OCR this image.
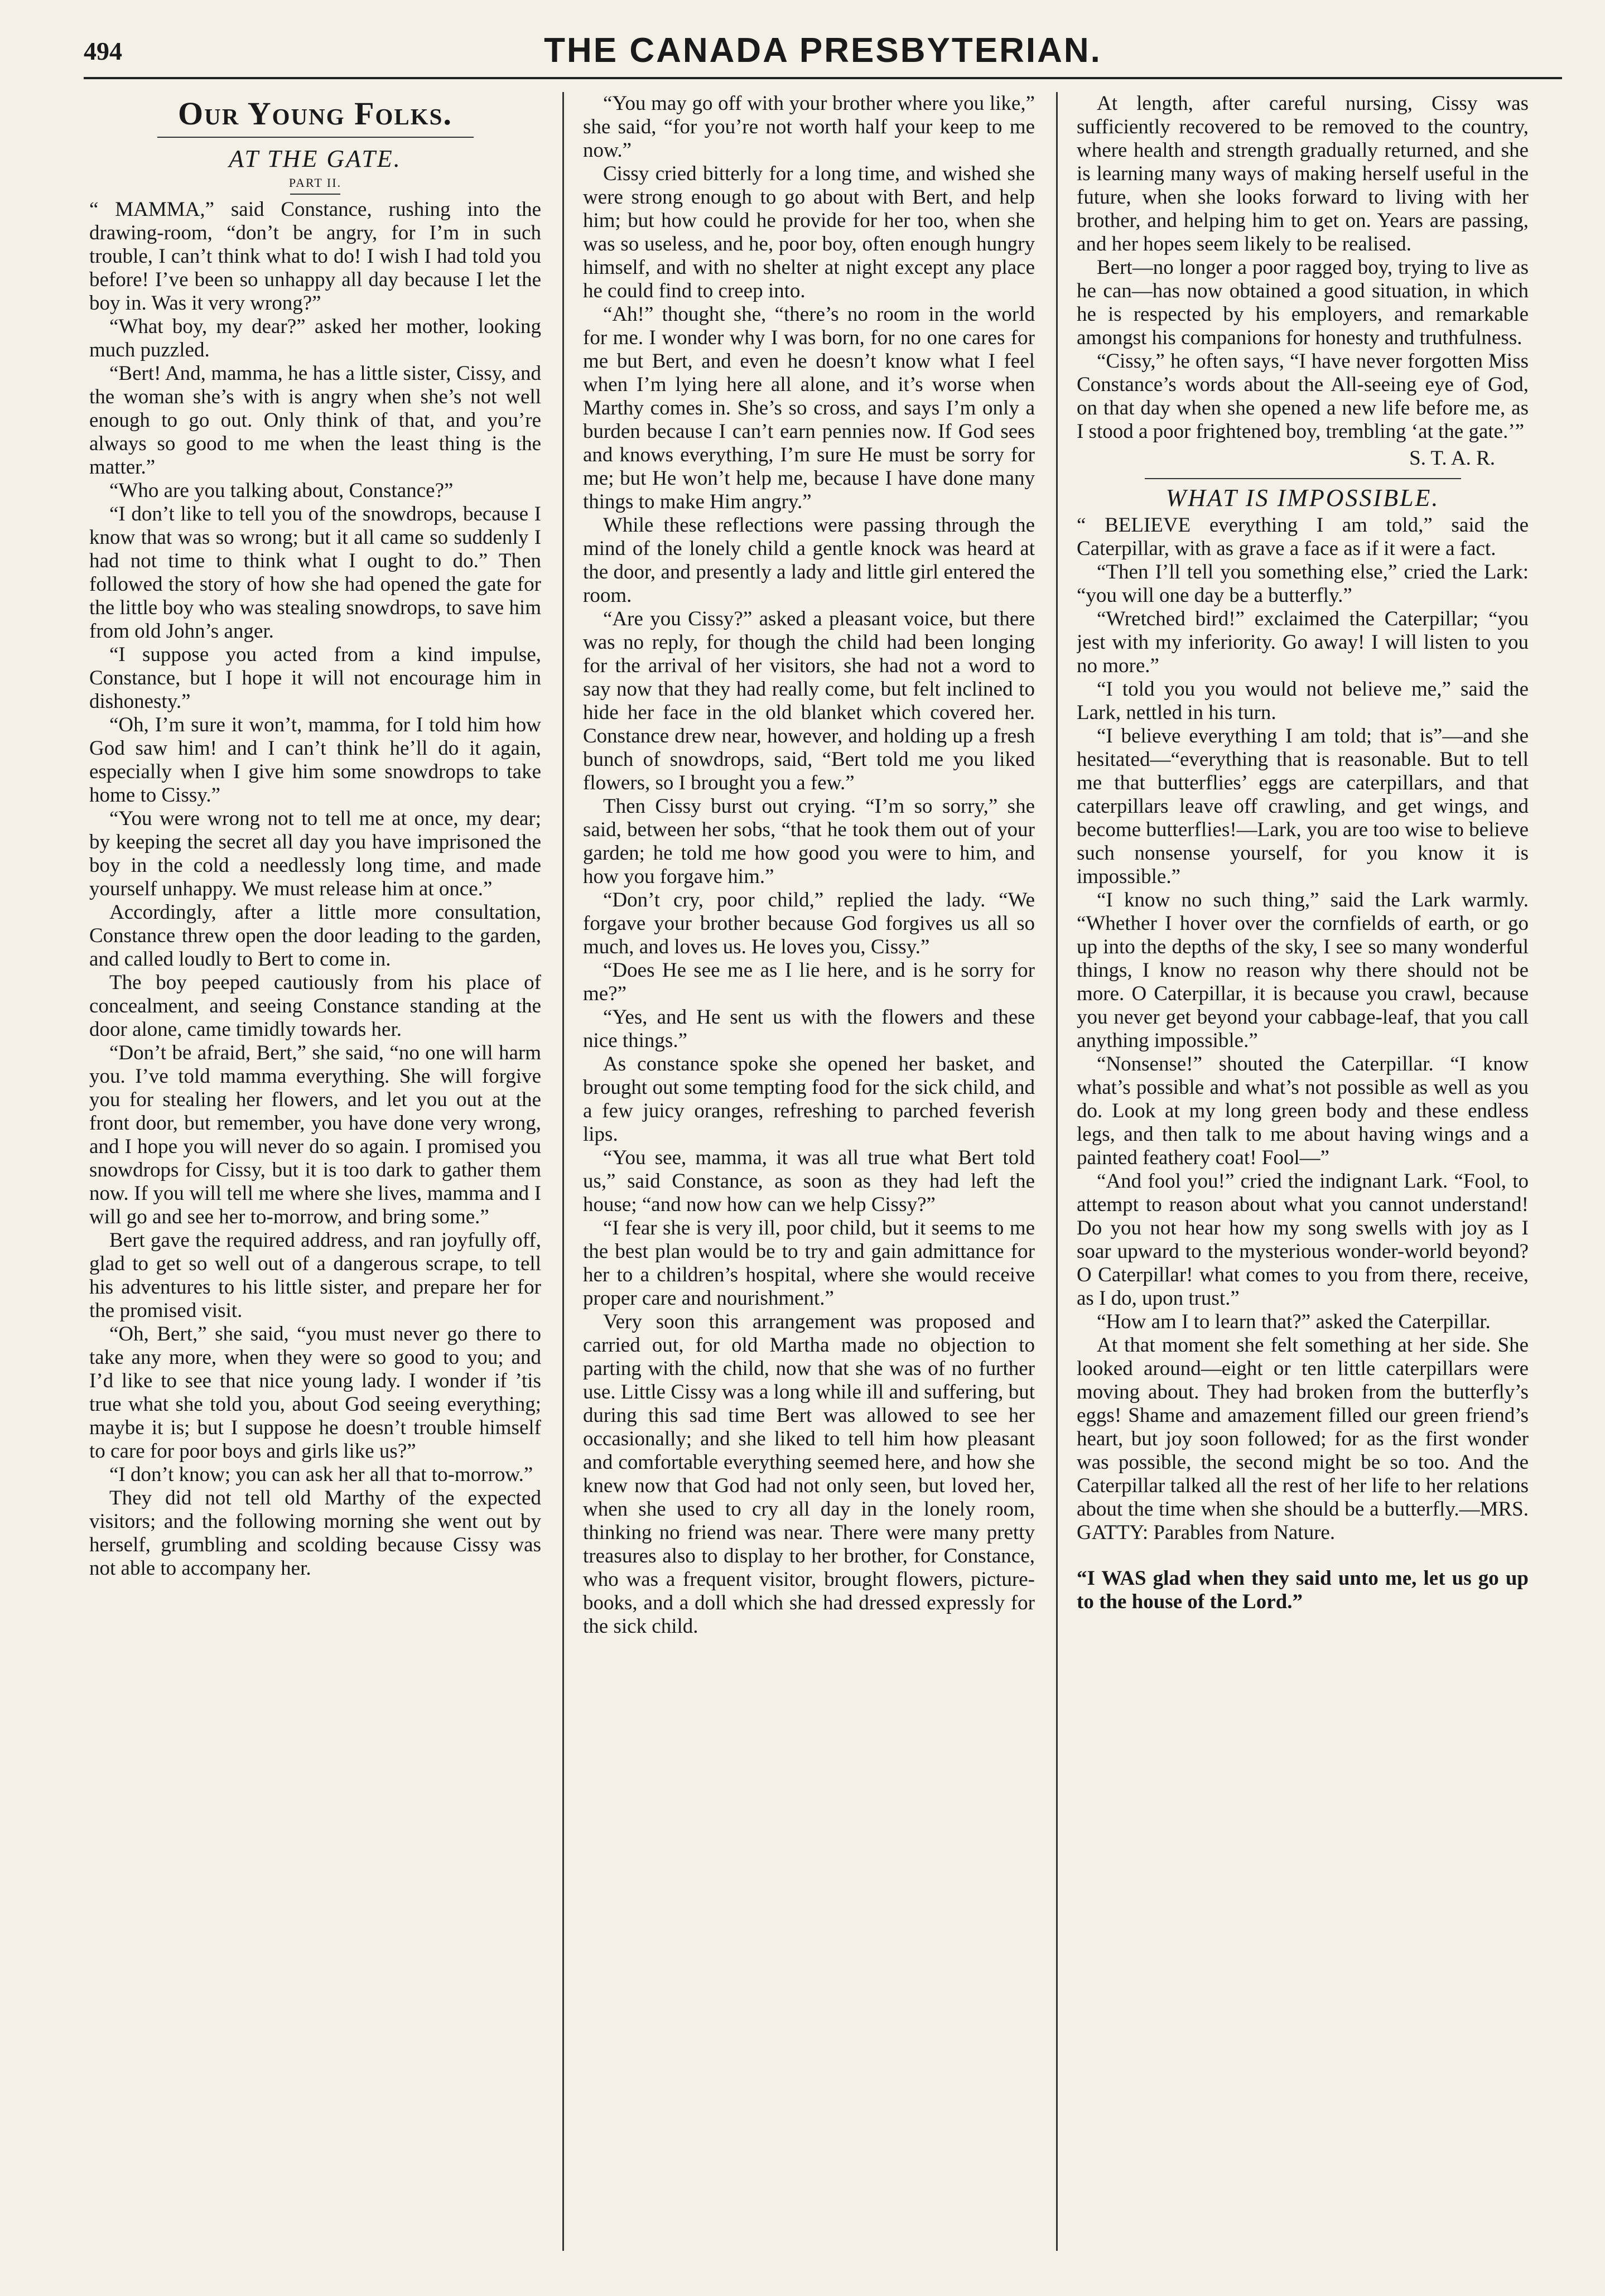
494	THE CANADA PRESBYTERIAN.
Our Young Folks.
AT THE GATE.
PART II.

“ MAMMA,” said Constance, rushing into the drawing-room, “don’t be angry, for I’m in such trouble, I can’t think what to do! I wish I had told you before! I’ve been so unhappy all day because I let the boy in. Was it very wrong?”

“What boy, my dear?” asked her mother, looking much puzzled.

“Bert! And, mamma, he has a little sister, Cissy, and the woman she’s with is angry when she’s not well enough to go out. Only think of that, and you’re always so good to me when the least thing is the matter.”

“Who are you talking about, Constance?”

“I don’t like to tell you of the snowdrops, because I know that was so wrong; but it all came so suddenly I had not time to think what I ought to do.” Then followed the story of how she had opened the gate for the little boy who was stealing snowdrops, to save him from old John’s anger.

“I suppose you acted from a kind impulse, Constance, but I hope it will not encourage him in dishonesty.”

“Oh, I’m sure it won’t, mamma, for I told him how God saw him! and I can’t think he’ll do it again, especially when I give him some snowdrops to take home to Cissy.”

“You were wrong not to tell me at once, my dear; by keeping the secret all day you have imprisoned the boy in the cold a needlessly long time, and made yourself unhappy. We must release him at once.”

Accordingly, after a little more consultation, Constance threw open the door leading to the garden, and called loudly to Bert to come in.

The boy peeped cautiously from his place of concealment, and seeing Constance standing at the door alone, came timidly towards her.

“Don’t be afraid, Bert,” she said, “no one will harm you. I’ve told mamma everything. She will forgive you for stealing her flowers, and let you out at the front door, but remember, you have done very wrong, and I hope you will never do so again. I promised you snowdrops for Cissy, but it is too dark to gather them now. If you will tell me where she lives, mamma and I will go and see her to-morrow, and bring some.”

Bert gave the required address, and ran joyfully off, glad to get so well out of a dangerous scrape, to tell his adventures to his little sister, and prepare her for the promised visit.

“Oh, Bert,” she said, “you must never go there to take any more, when they were so good to you; and I’d like to see that nice young lady. I wonder if ’tis true what she told you, about God seeing everything; maybe it is; but I suppose he doesn’t trouble himself to care for poor boys and girls like us?”

“I don’t know; you can ask her all that to-morrow.”

They did not tell old Marthy of the expected visitors; and the following morning she went out by herself, grumbling and scolding because Cissy was not able to accompany her.

“You may go off with your brother where you like,” she said, “for you’re not worth half your keep to me now.”

Cissy cried bitterly for a long time, and wished she were strong enough to go about with Bert, and help him; but how could he provide for her too, when she was so useless, and he, poor boy, often enough hungry himself, and with no shelter at night except any place he could find to creep into.

“Ah!” thought she, “there’s no room in the world for me. I wonder why I was born, for no one cares for me but Bert, and even he doesn’t know what I feel when I’m lying here all alone, and it’s worse when Marthy comes in. She’s so cross, and says I’m only a burden because I can’t earn pennies now. If God sees and knows everything, I’m sure He must be sorry for me; but He won’t help me, because I have done many things to make Him angry.”

While these reflections were passing through the mind of the lonely child a gentle knock was heard at the door, and presently a lady and little girl entered the room.

“Are you Cissy?” asked a pleasant voice, but there was no reply, for though the child had been longing for the arrival of her visitors, she had not a word to say now that they had really come, but felt inclined to hide her face in the old blanket which covered her. Constance drew near, however, and holding up a fresh bunch of snowdrops, said, “Bert told me you liked flowers, so I brought you a few.”

Then Cissy burst out crying. “I’m so sorry,” she said, between her sobs, “that he took them out of your garden; he told me how good you were to him, and how you forgave him.”

“Don’t cry, poor child,” replied the lady. “We forgave your brother because God forgives us all so much, and loves us. He loves you, Cissy.”

“Does He see me as I lie here, and is he sorry for me?”

“Yes, and He sent us with the flowers and these nice things.”

As constance spoke she opened her basket, and brought out some tempting food for the sick child, and a few juicy oranges, refreshing to parched feverish lips.

“You see, mamma, it was all true what Bert told us,” said Constance, as soon as they had left the house; “and now how can we help Cissy?”

“I fear she is very ill, poor child, but it seems to me the best plan would be to try and gain admittance for her to a children’s hospital, where she would receive proper care and nourishment.”

Very soon this arrangement was proposed and carried out, for old Martha made no objection to parting with the child, now that she was of no further use. Little Cissy was a long while ill and suffering, but during this sad time Bert was allowed to see her occasionally; and she liked to tell him how pleasant and comfortable everything seemed here, and how she knew now that God had not only seen, but loved her, when she used to cry all day in the lonely room, thinking no friend was near. There were many pretty treasures also to display to her brother, for Constance, who was a frequent visitor, brought flowers, picture-books, and a doll which she had dressed expressly for the sick child.

At length, after careful nursing, Cissy was sufficiently recovered to be removed to the country, where health and strength gradually returned, and she is learning many ways of making herself useful in the future, when she looks forward to living with her brother, and helping him to get on. Years are passing, and her hopes seem likely to be realised.

Bert—no longer a poor ragged boy, trying to live as he can—has now obtained a good situation, in which he is respected by his employers, and remarkable amongst his companions for honesty and truthfulness.

“Cissy,” he often says, “I have never forgotten Miss Constance’s words about the All-seeing eye of God, on that day when she opened a new life before me, as I stood a poor frightened boy, trembling ‘at the gate.’”

S. T. A. R.
WHAT IS IMPOSSIBLE.

“ BELIEVE everything I am told,” said the Caterpillar, with as grave a face as if it were a fact.

“Then I’ll tell you something else,” cried the Lark: “you will one day be a butterfly.”

“Wretched bird!” exclaimed the Caterpillar; “you jest with my inferiority. Go away! I will listen to you no more.”

“I told you you would not believe me,” said the Lark, nettled in his turn.

“I believe everything I am told; that is”—and she hesitated—“everything that is reasonable. But to tell me that butterflies’ eggs are caterpillars, and that caterpillars leave off crawling, and get wings, and become butterflies!—Lark, you are too wise to believe such nonsense yourself, for you know it is impossible.”

“I know no such thing,” said the Lark warmly. “Whether I hover over the cornfields of earth, or go up into the depths of the sky, I see so many wonderful things, I know no reason why there should not be more. O Caterpillar, it is because you crawl, because you never get beyond your cabbage-leaf, that you call anything impossible.”

“Nonsense!” shouted the Caterpillar. “I know what’s possible and what’s not possible as well as you do. Look at my long green body and these endless legs, and then talk to me about having wings and a painted feathery coat! Fool—”

“And fool you!” cried the indignant Lark. “Fool, to attempt to reason about what you cannot understand! Do you not hear how my song swells with joy as I soar upward to the mysterious wonder-world beyond? O Caterpillar! what comes to you from there, receive, as I do, upon trust.”

“How am I to learn that?” asked the Caterpillar.

At that moment she felt something at her side. She looked around—eight or ten little caterpillars were moving about. They had broken from the butterfly’s eggs! Shame and amazement filled our green friend’s heart, but joy soon followed; for as the first wonder was possible, the second might be so too. And the Caterpillar talked all the rest of her life to her relations about the time when she should be a butterfly.—MRS. GATTY: Parables from Nature.

“I WAS glad when they said unto me, let us go up to the house of the Lord.”
